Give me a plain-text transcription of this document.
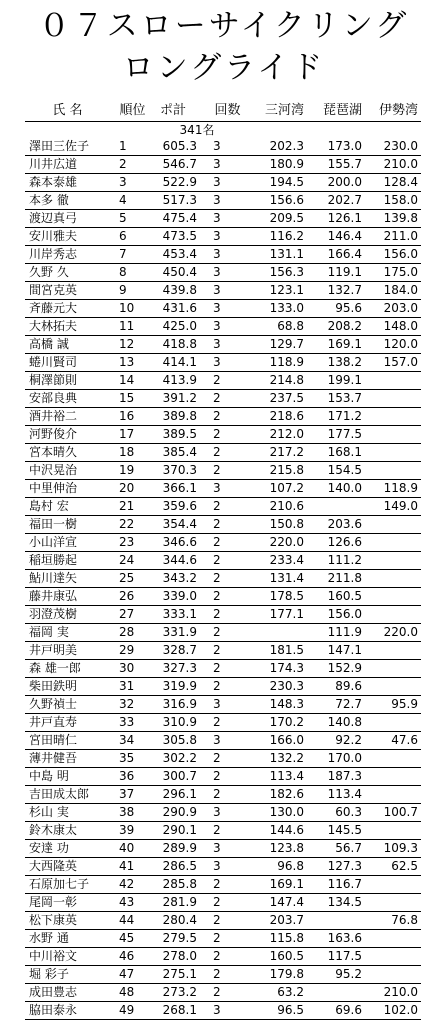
０７スローサイクリング
ロングライド
氏 名	順位	ポ計	回数	三河湾	琵琶湖	伊勢湾
		341名				
澤田三佐子	1	605.3	3	202.3	173.0	230.0
川井広道	2	546.7	3	180.9	155.7	210.0
森本泰雄	3	522.9	3	194.5	200.0	128.4
本多 徹	4	517.3	3	156.6	202.7	158.0
渡辺真弓	5	475.4	3	209.5	126.1	139.8
安川雅夫	6	473.5	3	116.2	146.4	211.0
川岸秀志	7	453.4	3	131.1	166.4	156.0
久野 久	8	450.4	3	156.3	119.1	175.0
間宮克英	9	439.8	3	123.1	132.7	184.0
斉藤元大	10	431.6	3	133.0	95.6	203.0
大林拓夫	11	425.0	3	68.8	208.2	148.0
高橋 誠	12	418.8	3	129.7	169.1	120.0
蜷川賢司	13	414.1	3	118.9	138.2	157.0
桐澤節則	14	413.9	2	214.8	199.1	
安部良典	15	391.2	2	237.5	153.7	
酒井裕二	16	389.8	2	218.6	171.2	
河野俊介	17	389.5	2	212.0	177.5	
宮本晴久	18	385.4	2	217.2	168.1	
中沢晃治	19	370.3	2	215.8	154.5	
中里伸治	20	366.1	3	107.2	140.0	118.9
島村 宏	21	359.6	2	210.6		149.0
福田一樹	22	354.4	2	150.8	203.6	
小山洋宣	23	346.6	2	220.0	126.6	
稲垣勝起	24	344.6	2	233.4	111.2	
鮎川達矢	25	343.2	2	131.4	211.8	
藤井康弘	26	339.0	2	178.5	160.5	
羽澄茂樹	27	333.1	2	177.1	156.0	
福岡 実	28	331.9	2		111.9	220.0
井戸明美	29	328.7	2	181.5	147.1	
森 雄一郎	30	327.3	2	174.3	152.9	
柴田鉄明	31	319.9	2	230.3	89.6	
久野禎士	32	316.9	3	148.3	72.7	95.9
井戸直寿	33	310.9	2	170.2	140.8	
宮田晴仁	34	305.8	3	166.0	92.2	47.6
薄井健吾	35	302.2	2	132.2	170.0	
中島 明	36	300.7	2	113.4	187.3	
吉田成太郎	37	296.1	2	182.6	113.4	
杉山 実	38	290.9	3	130.0	60.3	100.7
鈴木康太	39	290.1	2	144.6	145.5	
安達 功	40	289.9	3	123.8	56.7	109.3
大西隆英	41	286.5	3	96.8	127.3	62.5
石原加七子	42	285.8	2	169.1	116.7	
尾岡一彰	43	281.9	2	147.4	134.5	
松下康英	44	280.4	2	203.7		76.8
水野 通	45	279.5	2	115.8	163.6	
中川裕文	46	278.0	2	160.5	117.5	
堀 彩子	47	275.1	2	179.8	95.2	
成田豊志	48	273.2	2	63.2		210.0
脇田泰永	49	268.1	3	96.5	69.6	102.0
